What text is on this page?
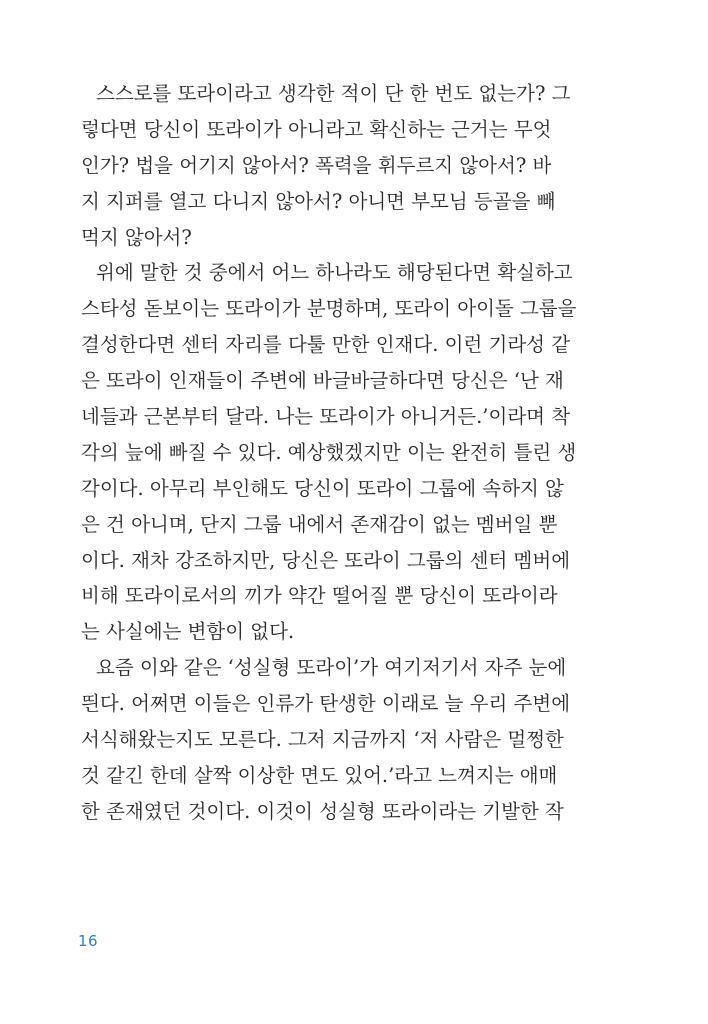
스스로를 또라이라고 생각한 적이 단 한 번도 없는가? 그
렇다면 당신이 또라이가 아니라고 확신하는 근거는 무엇
인가? 법을 어기지 않아서? 폭력을 휘두르지 않아서? 바
지 지퍼를 열고 다니지 않아서? 아니면 부모님 등골을 빼
먹지 않아서?
위에 말한 것 중에서 어느 하나라도 해당된다면 확실하고
스타성 돋보이는 또라이가 분명하며, 또라이 아이돌 그룹을
결성한다면 센터 자리를 다툴 만한 인재다. 이런 기라성 같
은 또라이 인재들이 주변에 바글바글하다면 당신은 ‘난 재
네들과 근본부터 달라. 나는 또라이가 아니거든.’이라며 착
각의 늪에 빠질 수 있다. 예상했겠지만 이는 완전히 틀린 생
각이다. 아무리 부인해도 당신이 또라이 그룹에 속하지 않
은 건 아니며, 단지 그룹 내에서 존재감이 없는 멤버일 뿐
이다. 재차 강조하지만, 당신은 또라이 그룹의 센터 멤버에
비해 또라이로서의 끼가 약간 떨어질 뿐 당신이 또라이라
는 사실에는 변함이 없다.
요즘 이와 같은 ‘성실형 또라이’가 여기저기서 자주 눈에
띈다. 어쩌면 이들은 인류가 탄생한 이래로 늘 우리 주변에
서식해왔는지도 모른다. 그저 지금까지 ‘저 사람은 멀쩡한
것 같긴 한데 살짝 이상한 면도 있어.’라고 느껴지는 애매
한 존재였던 것이다. 이것이 성실형 또라이라는 기발한 작
16
